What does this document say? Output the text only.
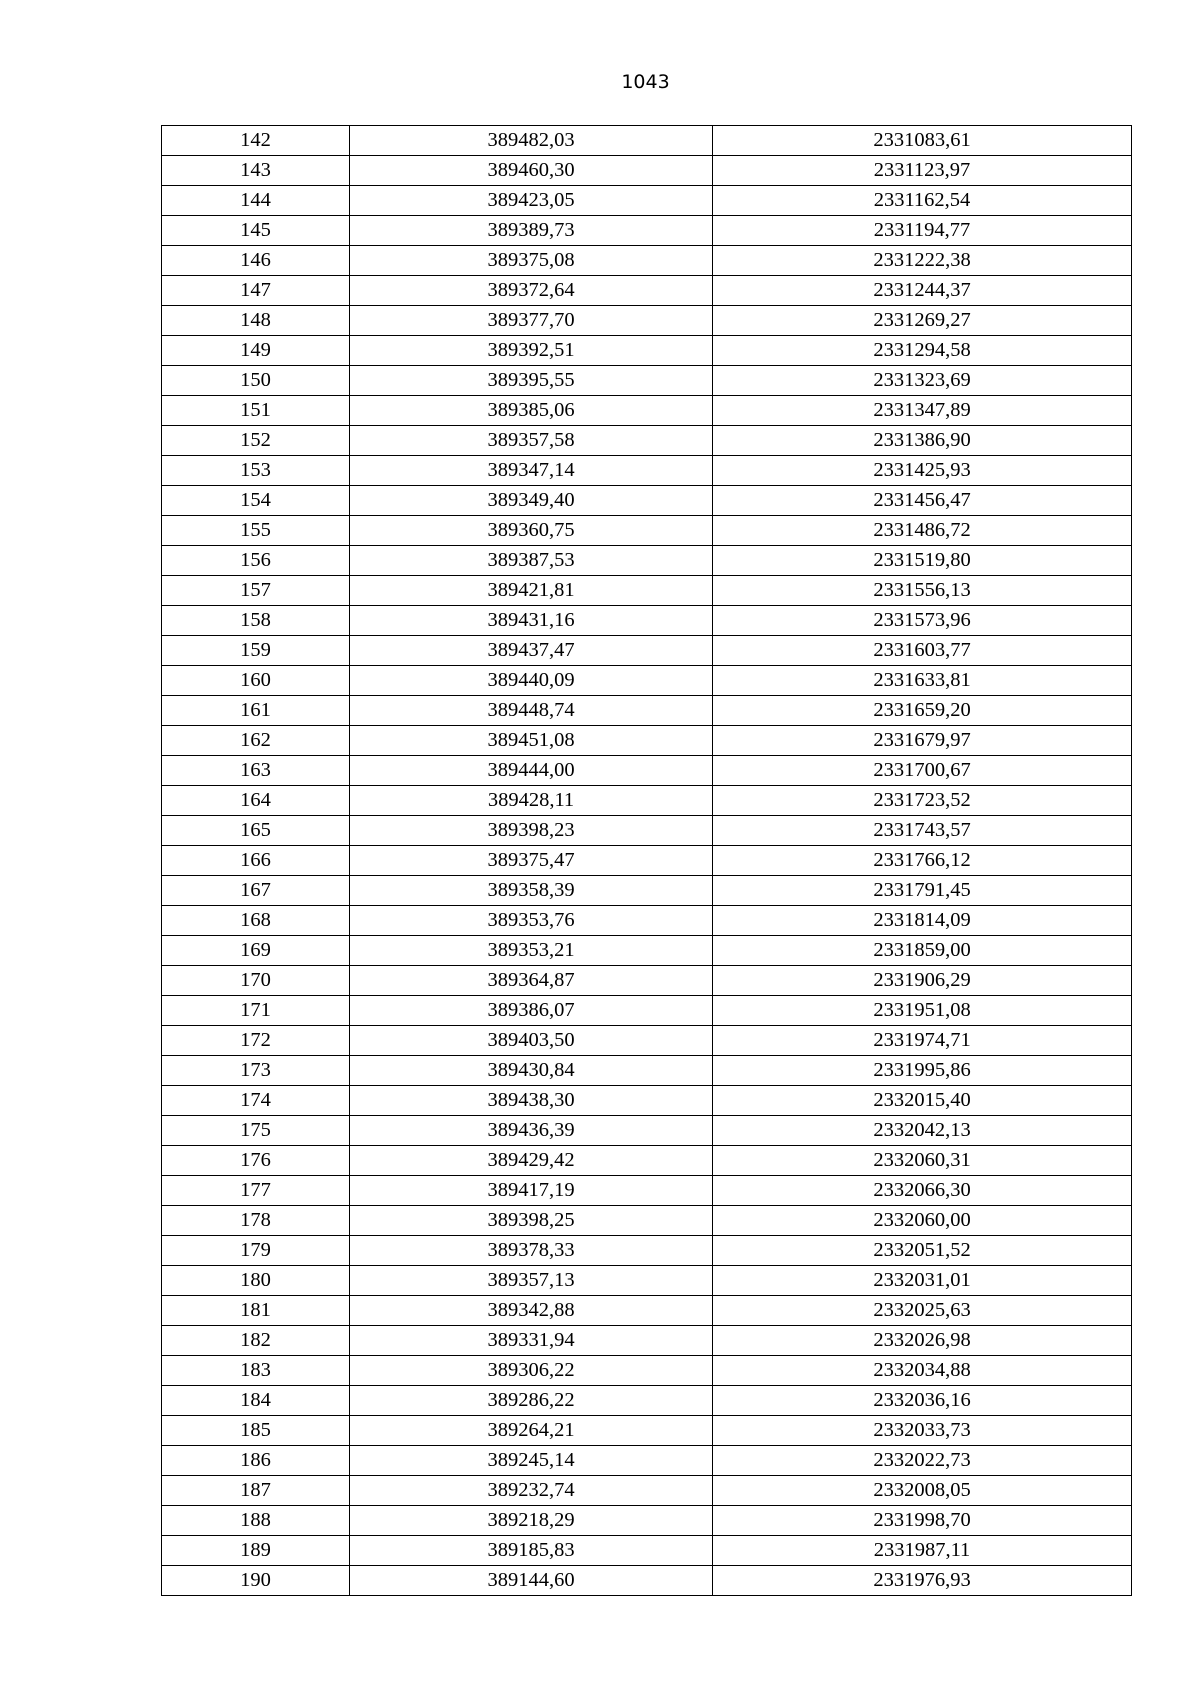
1043
142	389482,03	2331083,61
143	389460,30	2331123,97
144	389423,05	2331162,54
145	389389,73	2331194,77
146	389375,08	2331222,38
147	389372,64	2331244,37
148	389377,70	2331269,27
149	389392,51	2331294,58
150	389395,55	2331323,69
151	389385,06	2331347,89
152	389357,58	2331386,90
153	389347,14	2331425,93
154	389349,40	2331456,47
155	389360,75	2331486,72
156	389387,53	2331519,80
157	389421,81	2331556,13
158	389431,16	2331573,96
159	389437,47	2331603,77
160	389440,09	2331633,81
161	389448,74	2331659,20
162	389451,08	2331679,97
163	389444,00	2331700,67
164	389428,11	2331723,52
165	389398,23	2331743,57
166	389375,47	2331766,12
167	389358,39	2331791,45
168	389353,76	2331814,09
169	389353,21	2331859,00
170	389364,87	2331906,29
171	389386,07	2331951,08
172	389403,50	2331974,71
173	389430,84	2331995,86
174	389438,30	2332015,40
175	389436,39	2332042,13
176	389429,42	2332060,31
177	389417,19	2332066,30
178	389398,25	2332060,00
179	389378,33	2332051,52
180	389357,13	2332031,01
181	389342,88	2332025,63
182	389331,94	2332026,98
183	389306,22	2332034,88
184	389286,22	2332036,16
185	389264,21	2332033,73
186	389245,14	2332022,73
187	389232,74	2332008,05
188	389218,29	2331998,70
189	389185,83	2331987,11
190	389144,60	2331976,93
